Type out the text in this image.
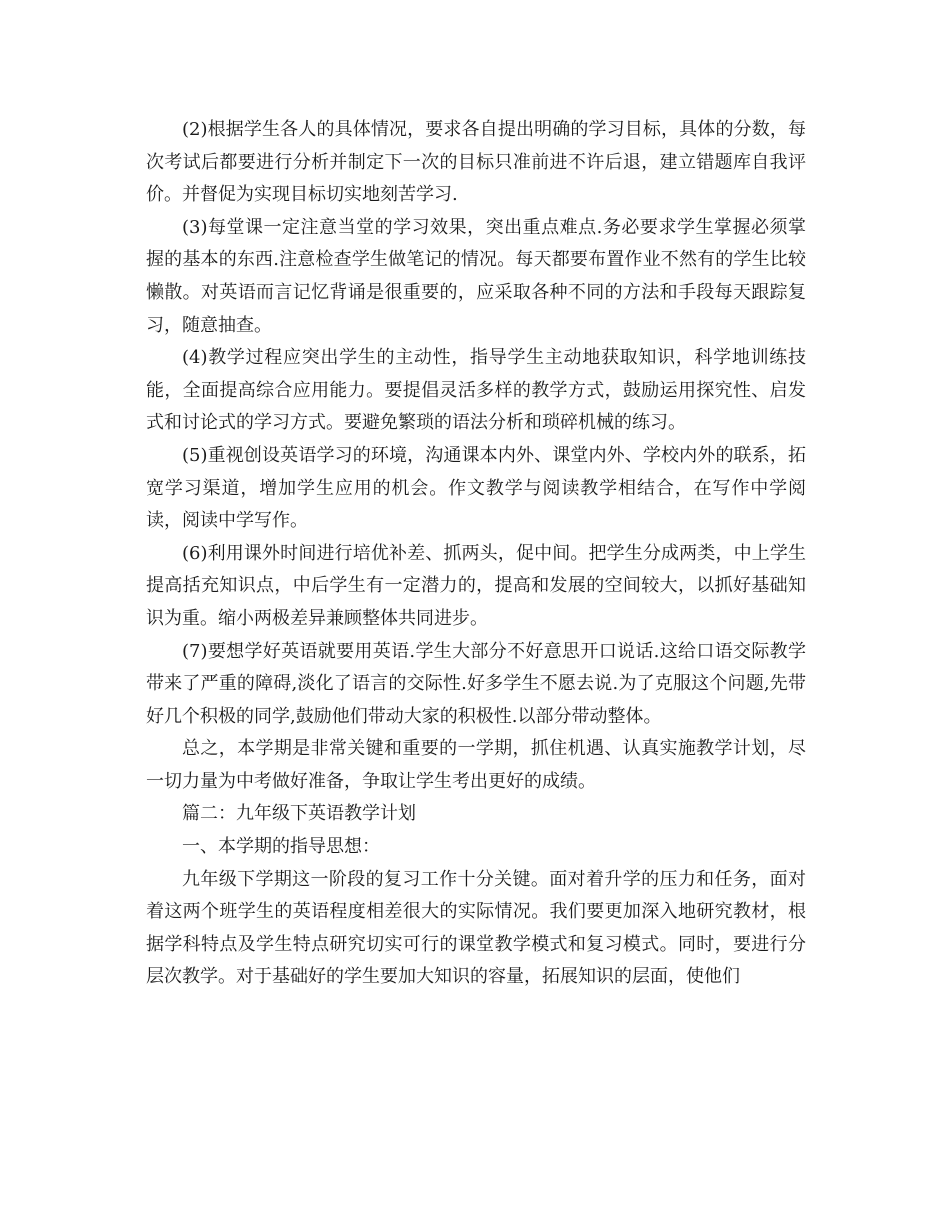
(2)根据学生各人的具体情况，要求各自提出明确的学习目标，具体的分数，每次考试后都要进行分析并制定下一次的目标只准前进不许后退，建立错题库自我评价。并督促为实现目标切实地刻苦学习.

(3)每堂课一定注意当堂的学习效果，突出重点难点.务必要求学生掌握必须掌握的基本的东西.注意检查学生做笔记的情况。每天都要布置作业不然有的学生比较懒散。对英语而言记忆背诵是很重要的，应采取各种不同的方法和手段每天跟踪复习，随意抽查。

(4)教学过程应突出学生的主动性，指导学生主动地获取知识，科学地训练技能，全面提高综合应用能力。要提倡灵活多样的教学方式，鼓励运用探究性、启发式和讨论式的学习方式。要避免繁琐的语法分析和琐碎机械的练习。

(5)重视创设英语学习的环境，沟通课本内外、课堂内外、学校内外的联系，拓宽学习渠道，增加学生应用的机会。作文教学与阅读教学相结合，在写作中学阅读，阅读中学写作。

(6)利用课外时间进行培优补差、抓两头，促中间。把学生分成两类，中上学生提高括充知识点，中后学生有一定潜力的，提高和发展的空间较大，以抓好基础知识为重。缩小两极差异兼顾整体共同进步。

(7)要想学好英语就要用英语.学生大部分不好意思开口说话.这给口语交际教学带来了严重的障碍,淡化了语言的交际性.好多学生不愿去说.为了克服这个问题,先带好几个积极的同学,鼓励他们带动大家的积极性.以部分带动整体。

总之，本学期是非常关键和重要的一学期，抓住机遇、认真实施教学计划，尽一切力量为中考做好准备，争取让学生考出更好的成绩。

篇二：九年级下英语教学计划

一、本学期的指导思想：

九年级下学期这一阶段的复习工作十分关键。面对着升学的压力和任务，面对着这两个班学生的英语程度相差很大的实际情况。我们要更加深入地研究教材，根据学科特点及学生特点研究切实可行的课堂教学模式和复习模式。同时，要进行分层次教学。对于基础好的学生要加大知识的容量，拓展知识的层面，使他们
